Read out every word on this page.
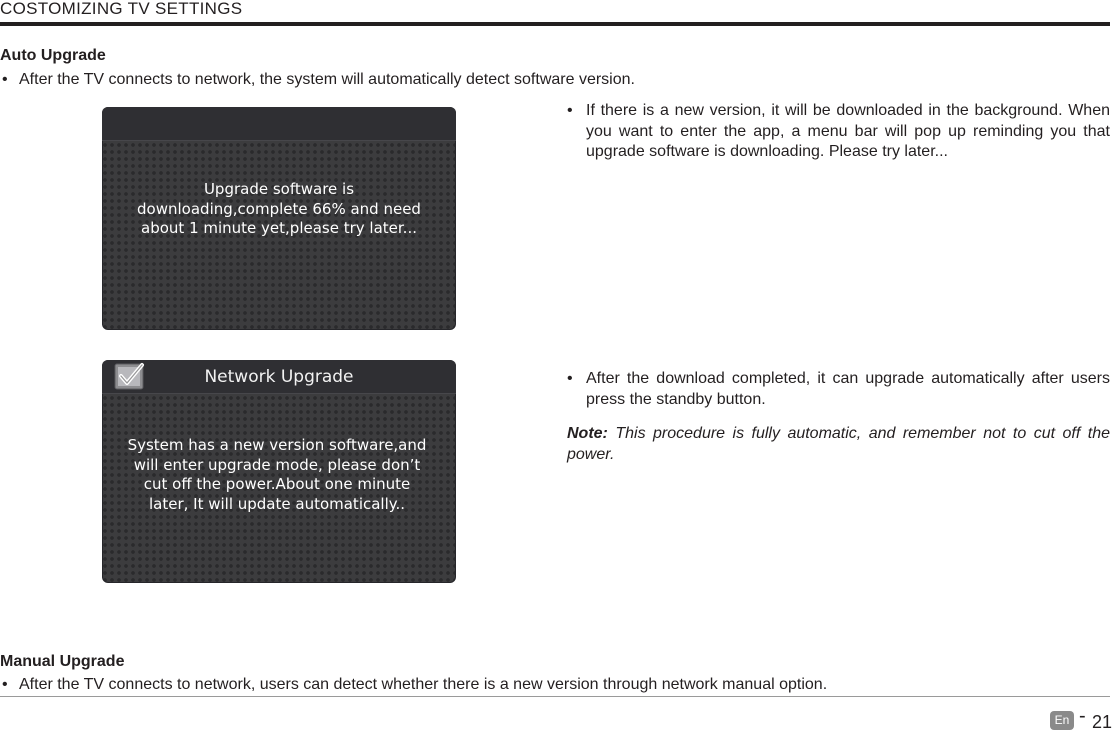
COSTOMIZING TV SETTINGS
Auto Upgrade
• After the TV connects to network, the system will automatically detect software version.
Upgrade software is downloading,complete 66% and need about 1 minute yet,please try later...
• If there is a new version, it will be downloaded in the background. When you want to enter the app, a menu bar will pop up reminding you that upgrade software is downloading. Please try later...
Network Upgrade
System has a new version software,and will enter upgrade mode, please don’t cut off the power.About one minute later, It will update automatically..
• After the download completed, it can upgrade automatically after users press the standby button.
Note: This procedure is fully automatic, and remember not to cut off the power.
Manual Upgrade
• After the TV connects to network, users can detect whether there is a new version through network manual option.
En - 21
